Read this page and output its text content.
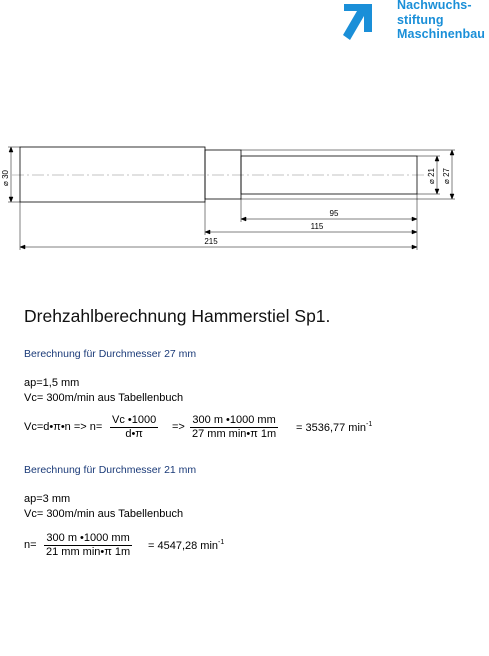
Nachwuchs-
stiftung
Maschinenbau
⌀ 30	⌀ 21 ⌀ 27
95
115
215
Drehzahlberechnung Hammerstiel Sp1.
Berechnung für Durchmesser 27 mm
ap=1,5 mm
Vc= 300m/min aus Tabellenbuch
Vc=d•π•n => $n= \frac{Vc •1000}{d•\pi}$ =>
300 m •1000 mm
27 mm min•π 1m = 3536,77 $\min^{-1}$
Berechnung für Durchmesser 21 mm
ap=3 mm
Vc= 300m/min aus Tabellenbuch
n=
300 m •1000 mm
21 mm min•π 1m = 4547,28 $\min^{-1}$
